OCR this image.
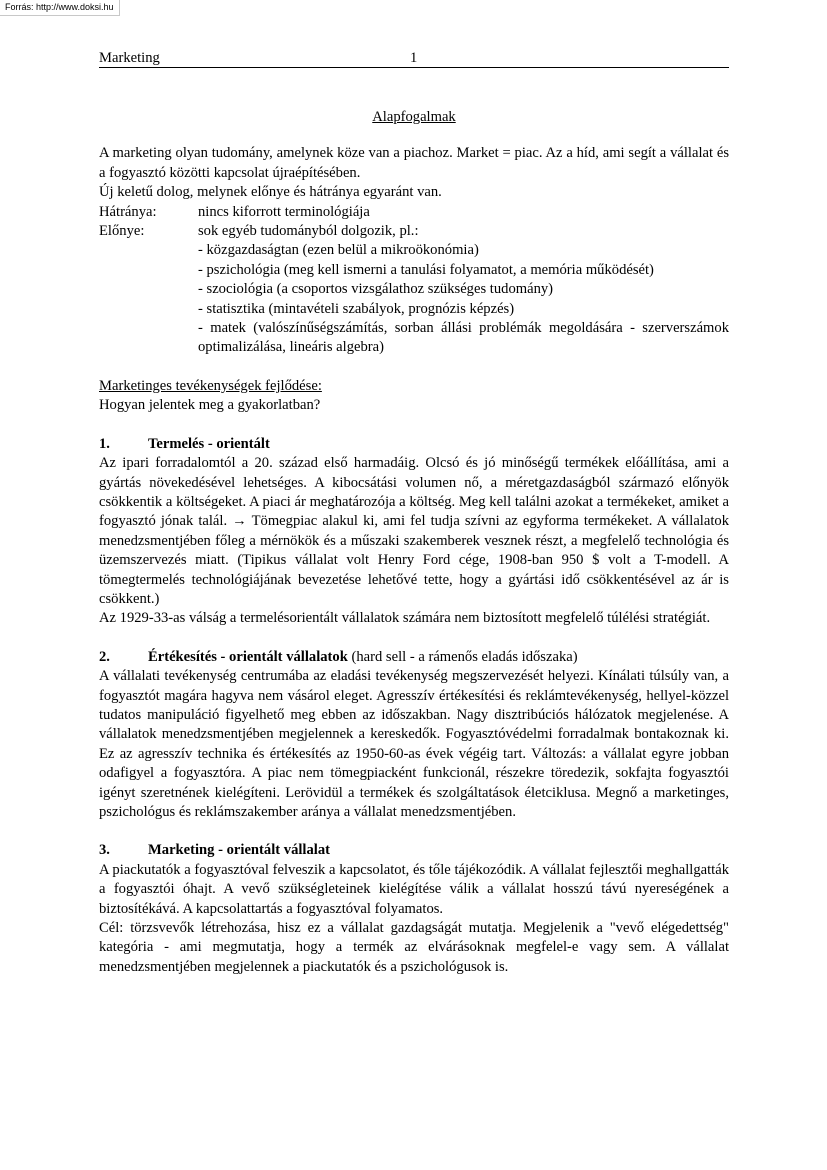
Forrás: http://www.doksi.hu
Marketing	1

Alapfogalmak

A marketing olyan tudomány, amelynek köze van a piachoz. Market = piac. Az a híd, ami segít a vállalat és a fogyasztó közötti kapcsolat újraépítésében.

Új keletű dolog, melynek előnye és hátránya egyaránt van.

Hátránya:	nincs kiforrott terminológiája
Előnye:	sok egyéb tudományból dolgozik, pl.:

- közgazdaságtan (ezen belül a mikroökonómia)

- pszichológia (meg kell ismerni a tanulási folyamatot, a memória működését)

- szociológia (a csoportos vizsgálathoz szükséges tudomány)

- statisztika (mintavételi szabályok, prognózis képzés)

- matek (valószínűségszámítás, sorban állási problémák megoldására - szerverszámok optimalizálása, lineáris algebra)

Marketinges tevékenységek fejlődése:

Hogyan jelentek meg a gyakorlatban?

1.	Termelés - orientált

Az ipari forradalomtól a 20. század első harmadáig. Olcsó és jó minőségű termékek előállítása, ami a gyártás növekedésével lehetséges. A kibocsátási volumen nő, a méretgazdaságból származó előnyök csökkentik a költségeket. A piaci ár meghatározója a költség. Meg kell találni azokat a termékeket, amiket a fogyasztó jónak talál. → Tömegpiac alakul ki, ami fel tudja szívni az egyforma termékeket. A vállalatok menedzsmentjében főleg a mérnökök és a műszaki szakemberek vesznek részt, a megfelelő technológia és üzemszervezés miatt. (Tipikus vállalat volt Henry Ford cége, 1908-ban 950 $ volt a T-modell. A tömegtermelés technológiájának bevezetése lehetővé tette, hogy a gyártási idő csökkentésével az ár is csökkent.)

Az 1929-33-as válság a termelésorientált vállalatok számára nem biztosított megfelelő túlélési stratégiát.

2.	Értékesítés - orientált vállalatok (hard sell - a rámenős eladás időszaka)

A vállalati tevékenység centrumába az eladási tevékenység megszervezését helyezi. Kínálati túlsúly van, a fogyasztót magára hagyva nem vásárol eleget. Agresszív értékesítési és reklámtevékenység, hellyel-közzel tudatos manipuláció figyelhető meg ebben az időszakban. Nagy disztribúciós hálózatok megjelenése. A vállalatok menedzsmentjében megjelennek a kereskedők. Fogyasztóvédelmi forradalmak bontakoznak ki. Ez az agresszív technika és értékesítés az 1950-60-as évek végéig tart. Változás: a vállalat egyre jobban odafigyel a fogyasztóra. A piac nem tömegpiacként funkcionál, részekre töredezik, sokfajta fogyasztói igényt szeretnének kielégíteni. Lerövidül a termékek és szolgáltatások életciklusa. Megnő a marketinges, pszichológus és reklámszakember aránya a vállalat menedzsmentjében.

3.	Marketing - orientált vállalat

A piackutatók a fogyasztóval felveszik a kapcsolatot, és tőle tájékozódik. A vállalat fejlesztői meghallgatták a fogyasztói óhajt. A vevő szükségleteinek kielégítése válik a vállalat hosszú távú nyereségének a biztosítékává. A kapcsolattartás a fogyasztóval folyamatos.

Cél: törzsvevők létrehozása, hisz ez a vállalat gazdagságát mutatja. Megjelenik a "vevő elégedettség" kategória - ami megmutatja, hogy a termék az elvárásoknak megfelel-e vagy sem. A vállalat menedzsmentjében megjelennek a piackutatók és a pszichológusok is.
